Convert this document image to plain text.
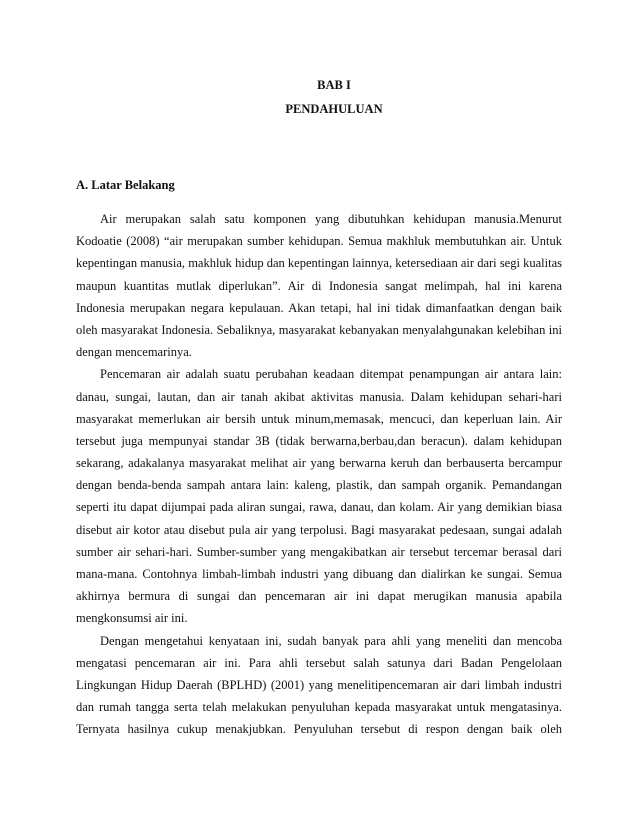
BAB I
PENDAHULUAN
A. Latar Belakang
Air merupakan salah satu komponen yang dibutuhkan kehidupan manusia.Menurut
Kodoatie (2008) “air merupakan sumber kehidupan. Semua makhluk membutuhkan air. Untuk
kepentingan manusia, makhluk hidup dan kepentingan lainnya, ketersediaan air dari segi kualitas
maupun kuantitas mutlak diperlukan”. Air di Indonesia sangat melimpah, hal ini karena
Indonesia merupakan negara kepulauan. Akan tetapi, hal ini tidak dimanfaatkan dengan baik
oleh masyarakat Indonesia. Sebaliknya, masyarakat kebanyakan menyalahgunakan kelebihan ini
dengan mencemarinya.
Pencemaran air adalah suatu perubahan keadaan ditempat penampungan air antara lain:
danau, sungai, lautan, dan air tanah akibat aktivitas manusia. Dalam kehidupan sehari-hari
masyarakat memerlukan air bersih untuk minum,memasak, mencuci, dan keperluan lain. Air
tersebut juga mempunyai standar 3B (tidak berwarna,berbau,dan beracun). dalam kehidupan
sekarang, adakalanya masyarakat melihat air yang berwarna keruh dan berbauserta bercampur
dengan benda-benda sampah antara lain: kaleng, plastik, dan sampah organik. Pemandangan
seperti itu dapat dijumpai pada aliran sungai, rawa, danau, dan kolam. Air yang demikian biasa
disebut air kotor atau disebut pula air yang terpolusi. Bagi masyarakat pedesaan, sungai adalah
sumber air sehari-hari. Sumber-sumber yang mengakibatkan air tersebut tercemar berasal dari
mana-mana. Contohnya limbah-limbah industri yang dibuang dan dialirkan ke sungai. Semua
akhirnya bermura di sungai dan pencemaran air ini dapat merugikan manusia apabila
mengkonsumsi air ini.
Dengan mengetahui kenyataan ini, sudah banyak para ahli yang meneliti dan mencoba
mengatasi pencemaran air ini. Para ahli tersebut salah satunya dari Badan Pengelolaan
Lingkungan Hidup Daerah (BPLHD) (2001) yang menelitipencemaran air dari limbah industri
dan rumah tangga serta telah melakukan penyuluhan kepada masyarakat untuk mengatasinya.
Ternyata hasilnya cukup menakjubkan. Penyuluhan tersebut di respon dengan baik oleh
